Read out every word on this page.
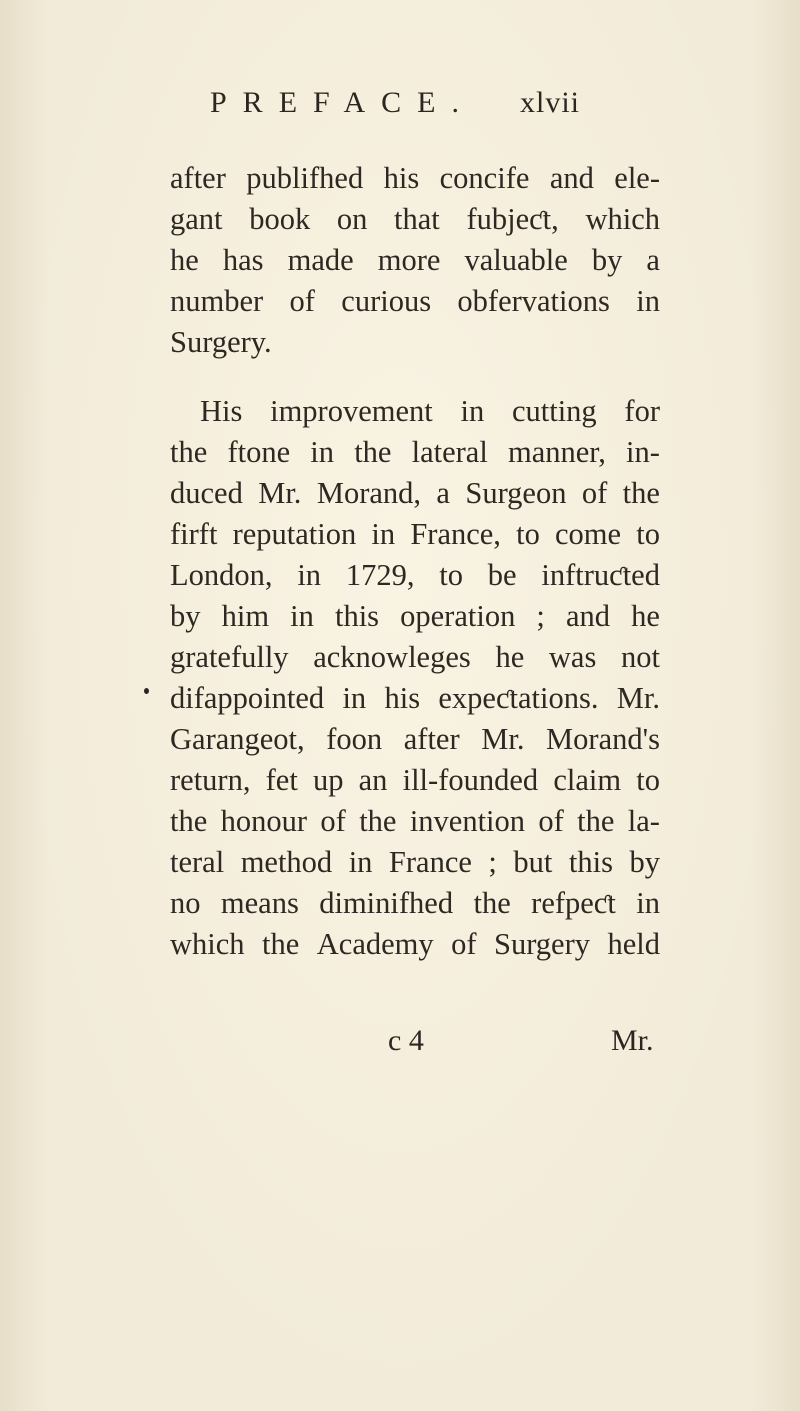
PREFACE. xlvii
after publifhed his concife and ele-
gant book on that fubjeƈt, which
he has made more valuable by a
number of curious obfervations in
Surgery.
His improvement in cutting for
the ftone in the lateral manner, in-
duced Mr. Morand, a Surgeon of the
firft reputation in France, to come to
London, in 1729, to be inftruƈted
by him in this operation ; and he
gratefully acknowleges he was not
difappointed in his expeƈtations. Mr.
Garangeot, foon after Mr. Morand's
return, fet up an ill-founded claim to
the honour of the invention of the la-
teral method in France ; but this by
no means diminifhed the refpeƈt in
which the Academy of Surgery held
c 4	Mr.
